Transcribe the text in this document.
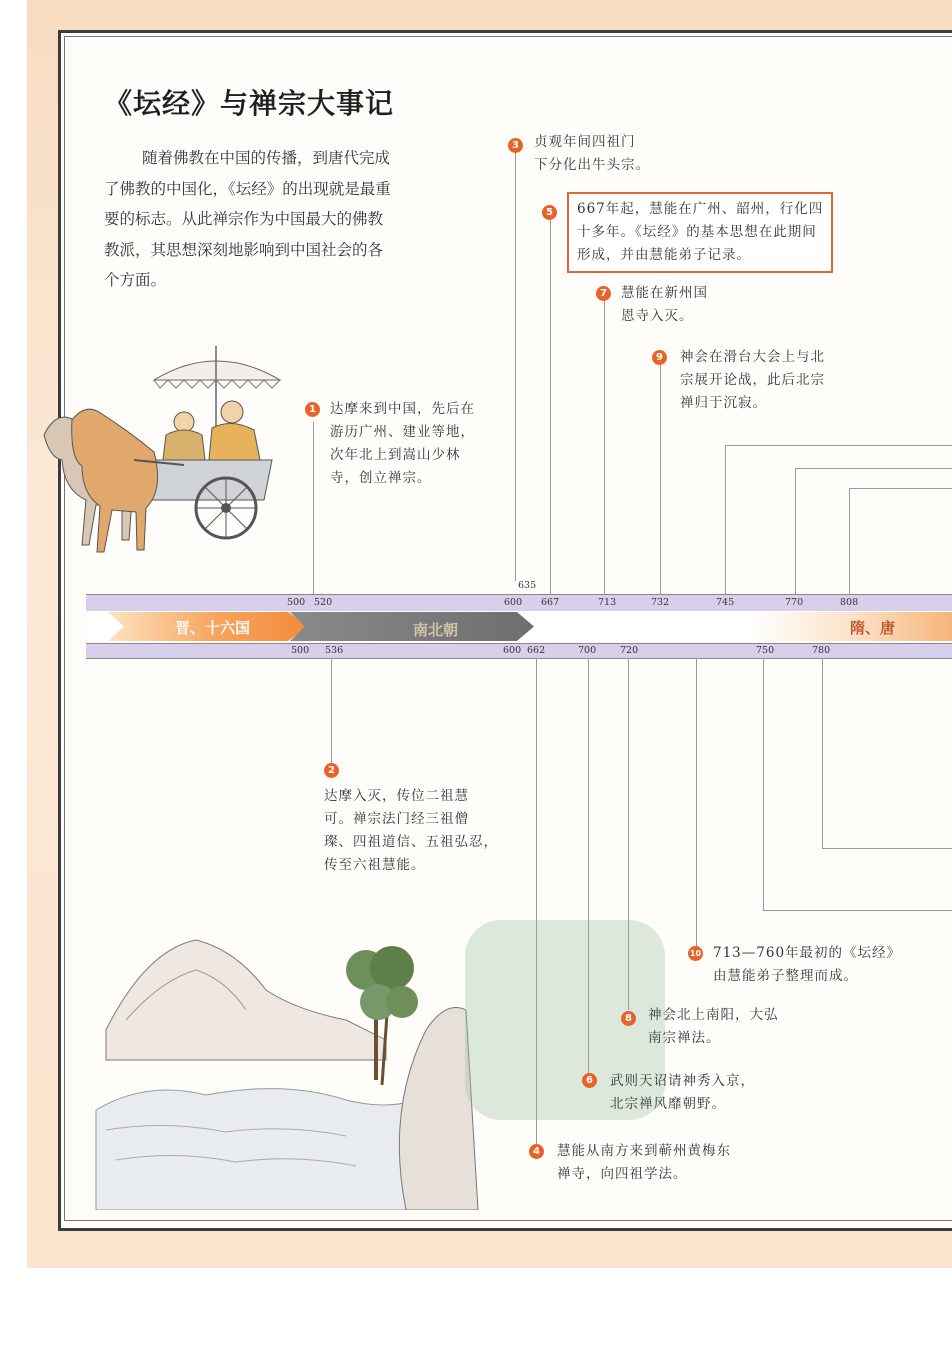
《坛经》与禅宗大事记
随着佛教在中国的传播，到唐代完成
了佛教的中国化，《坛经》的出现就是最重
要的标志。从此禅宗作为中国最大的佛教
教派，其思想深刻地影响到中国社会的各
个方面。
晋、十六国	南北朝	隋、唐
500 520
635
600 667	713	732	745	770	808
500 536	600 662	700	720	750	780
1 达摩来到中国，先后在
游历广州、建业等地，
次年北上到嵩山少林
寺，创立禅宗。
2
达摩入灭，传位二祖慧
可。禅宗法门经三祖僧
璨、四祖道信、五祖弘忍，
传至六祖慧能。
3 贞观年间四祖门
下分化出牛头宗。
4 慧能从南方来到蕲州黄梅东
禅寺，向四祖学法。
5 667年起，慧能在广州、韶州，行化四
十多年。《坛经》的基本思想在此期间
形成，并由慧能弟子记录。
6 武则天诏请神秀入京，
北宗禅风靡朝野。
7 慧能在新州国
恩寺入灭。
8 神会北上南阳，大弘
南宗禅法。
9 神会在滑台大会上与北
宗展开论战，此后北宗
禅归于沉寂。
10 713—760年最初的《坛经》
由慧能弟子整理而成。
